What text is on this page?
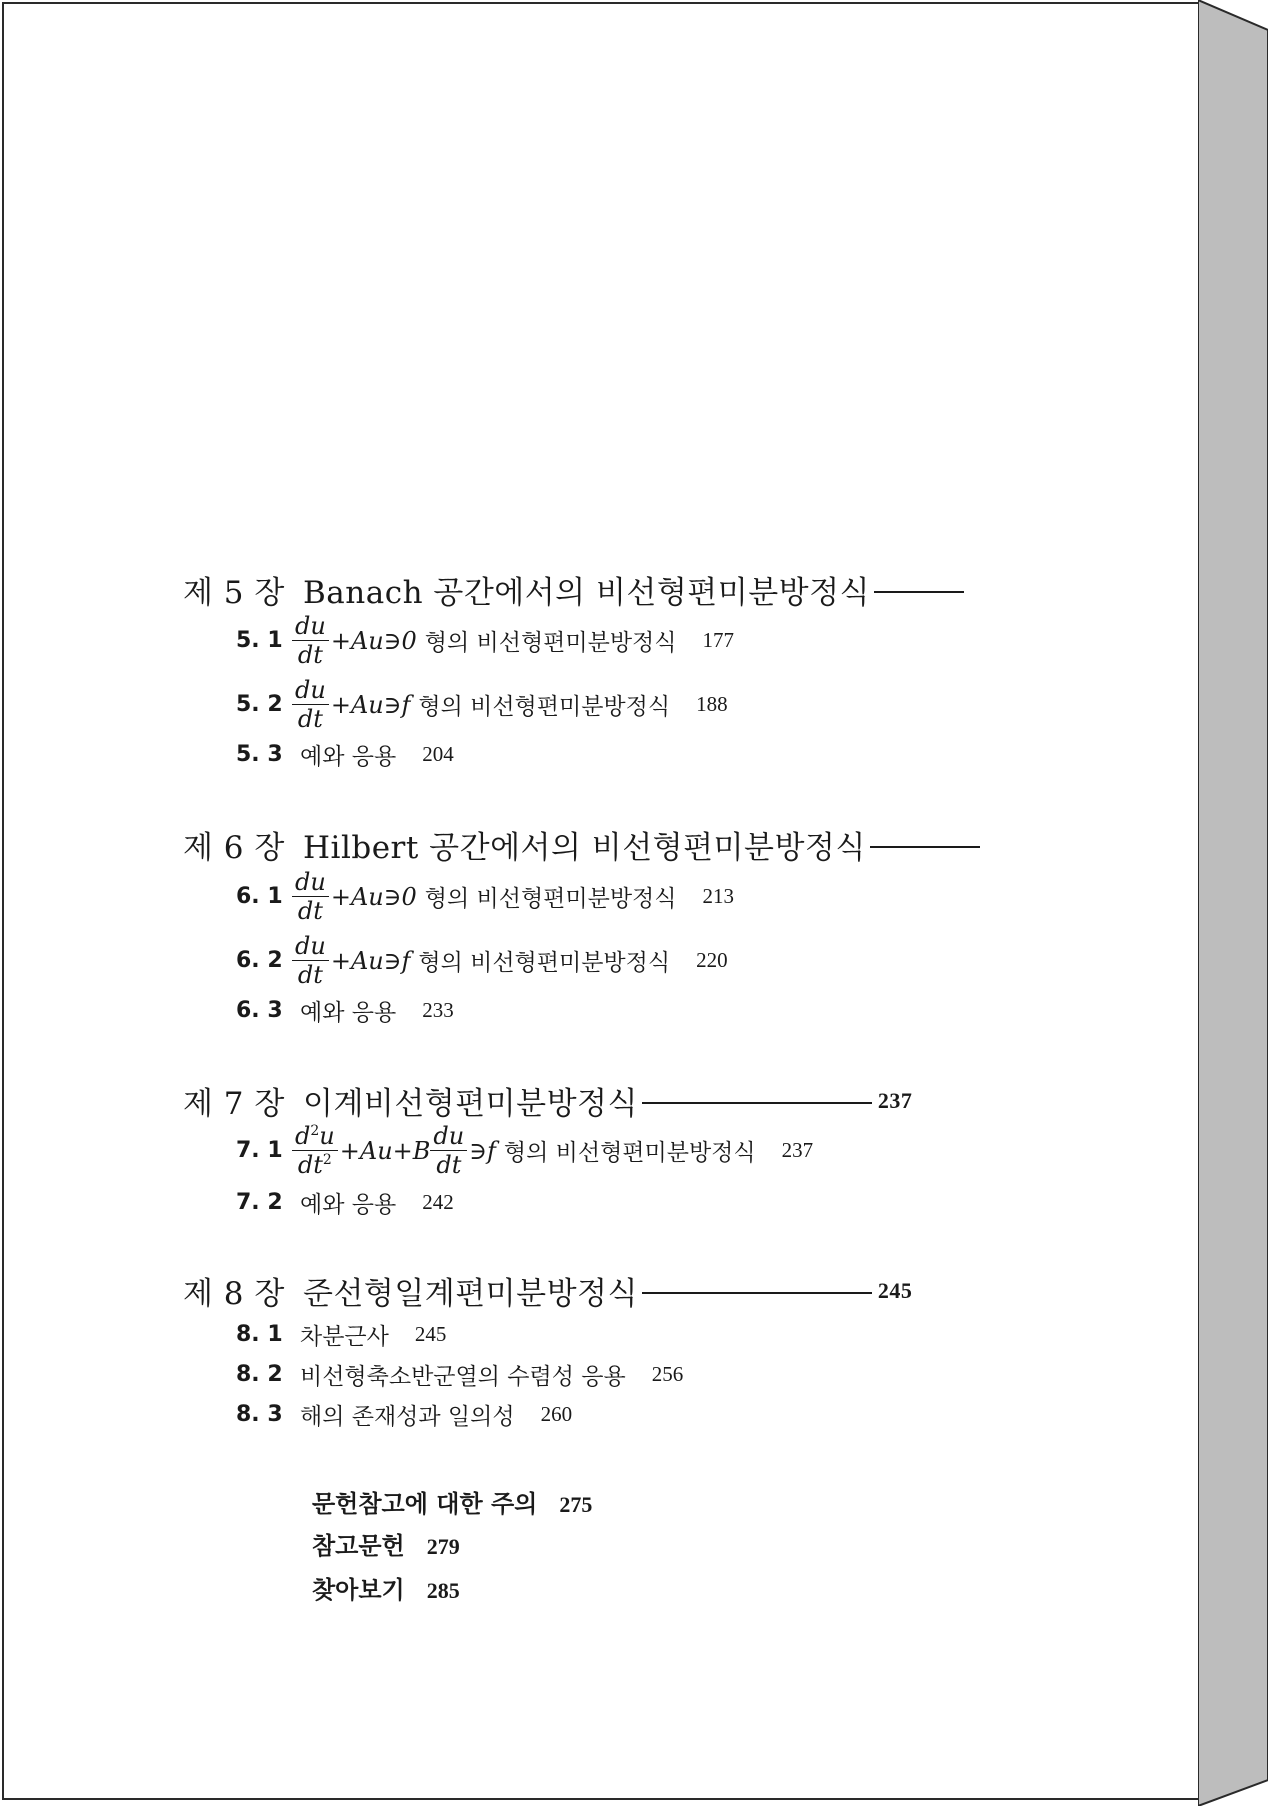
제 5 장 Banach 공간에서의 비선형편미분방정식
5. $1 \frac{du}{dt}$ +Au∋0 형의 비선형편미분방정식 177
5. $2 \frac{du}{dt}$ +Au∋f 형의 비선형편미분방정식 188
5. 3 예와 응용 204
제 6 장 Hilbert 공간에서의 비선형편미분방정식
6. $1 \frac{du}{dt}$ +Au∋0 형의 비선형편미분방정식 213
6. $2 \frac{du}{dt}$ +Au∋f 형의 비선형편미분방정식 220
6. 3 예와 응용 233
제 7 장 이계비선형편미분방정식	237
7. $1 \frac{d^2u}{dt^2} +Au+B \frac{du}{dt}$ ∋f 형의 비선형편미분방정식 237
7. 2 예와 응용 242
제 8 장 준선형일계편미분방정식	245
8. 1 차분근사 245
8. 2 비선형축소반군열의 수렴성 응용 256
8. 3 해의 존재성과 일의성 260
문헌참고에 대한 주의 275
참고문헌 279
찾아보기 285
